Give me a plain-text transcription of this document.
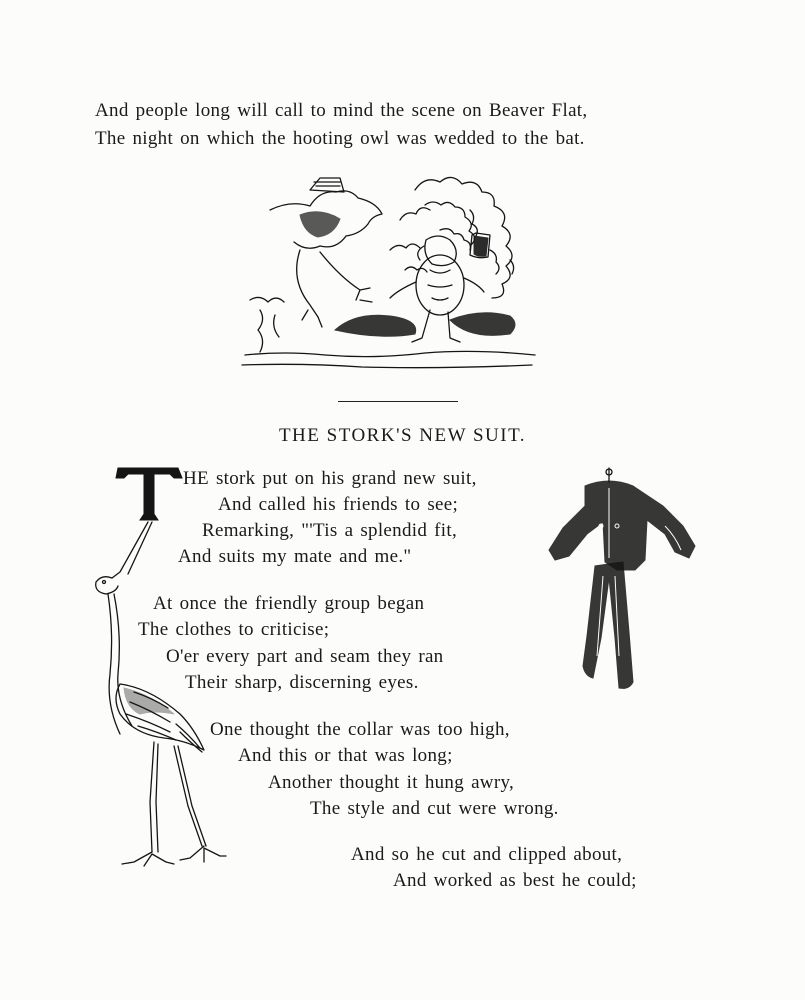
And people long will call to mind the scene on Beaver Flat,
The night on which the hooting owl was wedded to the bat.
THE STORK'S NEW SUIT.
HE stork put on his grand new suit,
And called his friends to see;
Remarking, "'Tis a splendid fit,
And suits my mate and me."
At once the friendly group began
The clothes to criticise;
O'er every part and seam they ran
Their sharp, discerning eyes.
One thought the collar was too high,
And this or that was long;
Another thought it hung awry,
The style and cut were wrong.
And so he cut and clipped about,
And worked as best he could;
